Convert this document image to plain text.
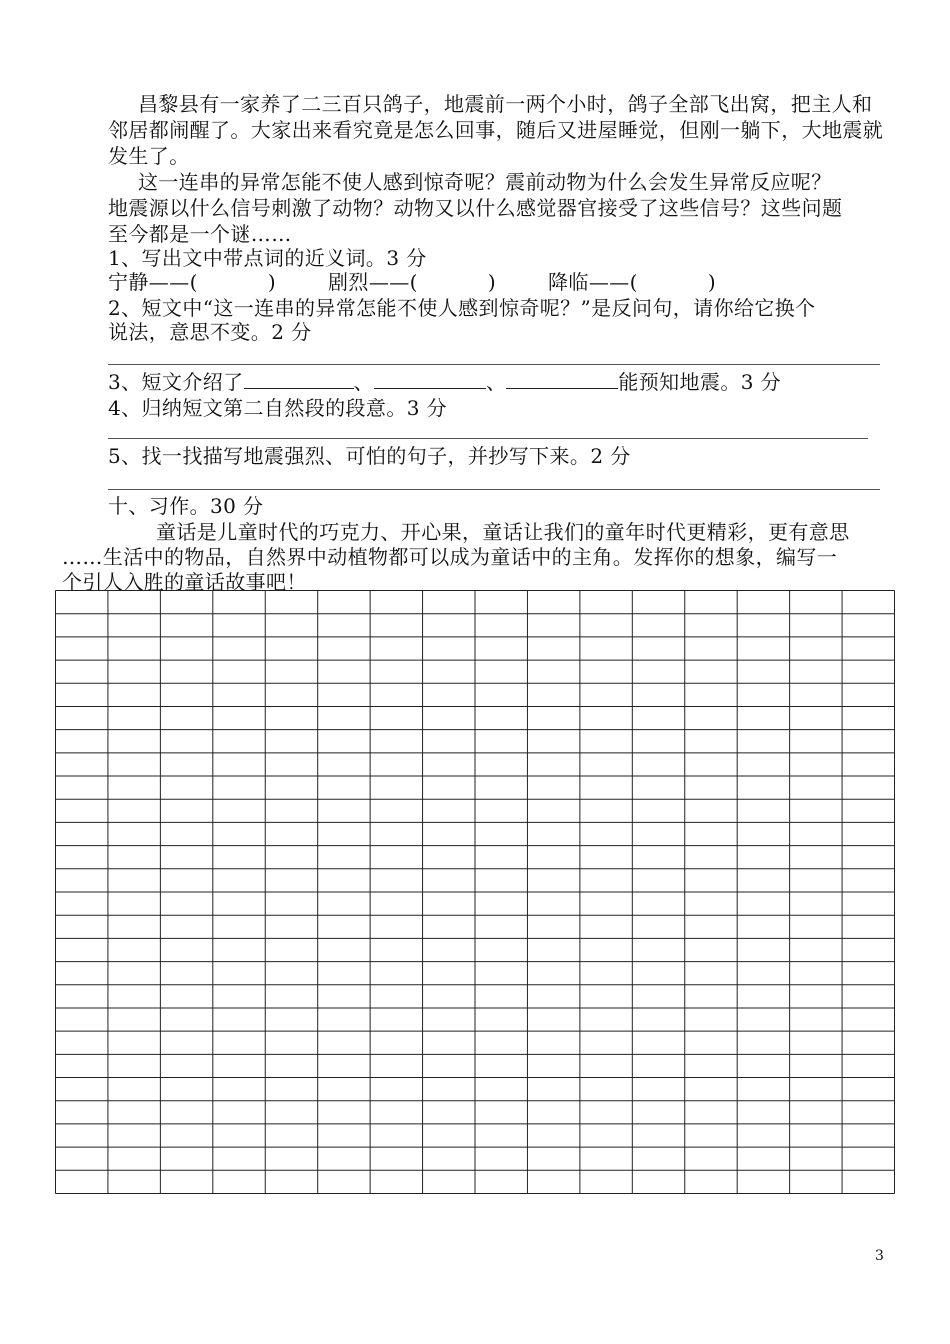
昌黎县有一家养了二三百只鸽子，地震前一两个小时，鸽子全部飞出窝，把主人和
邻居都闹醒了。大家出来看究竟是怎么回事，随后又进屋睡觉，但刚一躺下，大地震就
发生了。
这一连串的异常怎能不使人感到惊奇呢？震前动物为什么会发生异常反应呢？
地震源以什么信号刺激了动物？动物又以什么感觉器官接受了这些信号？这些问题
至今都是一个谜……
1、写出文中带点词的近义词。3 分
宁静——(	)	剧烈——(	)	降临——(	)
2、短文中“这一连串的异常怎能不使人感到惊奇呢？”是反问句，请你给它换个
说法，意思不变。2 分
3、短文介绍了	、	、	能预知地震。3 分
4、归纳短文第二自然段的段意。3 分
5、找一找描写地震强烈、可怕的句子，并抄写下来。2 分
十、习作。30 分
童话是儿童时代的巧克力、开心果，童话让我们的童年时代更精彩，更有意思
……生活中的物品，自然界中动植物都可以成为童话中的主角。发挥你的想象，编写一
个引人入胜的童话故事吧！
3
